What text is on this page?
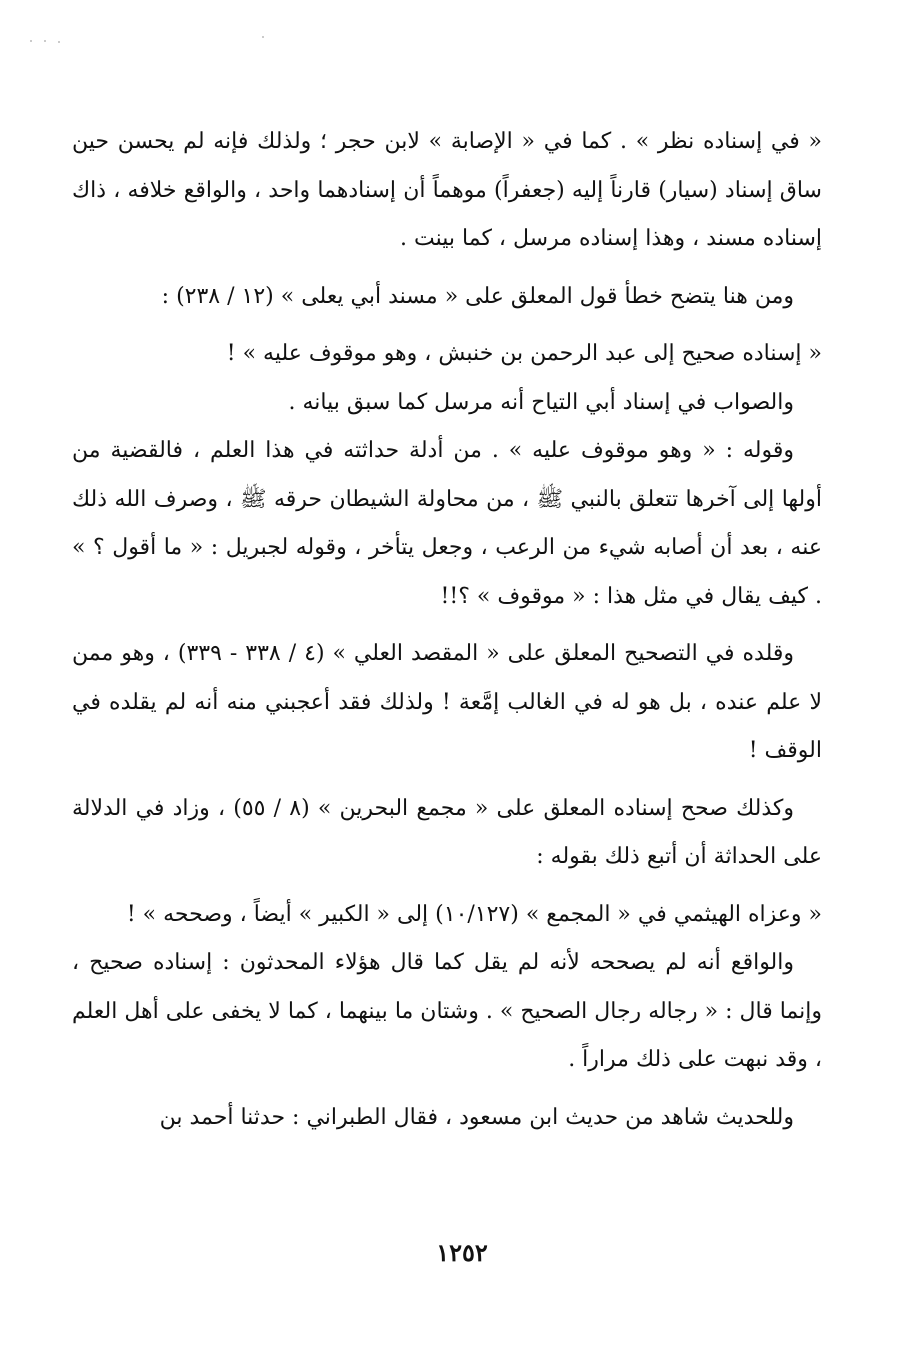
« في إسناده نظر » . كما في « الإصابة » لابن حجر ؛ ولذلك فإنه لم يحسن حين ساق إسناد (سيار) قارناً إليه (جعفراً) موهماً أن إسنادهما واحد ، والواقع خلافه ، ذاك إسناده مسند ، وهذا إسناده مرسل ، كما بينت .

ومن هنا يتضح خطأ قول المعلق على « مسند أبي يعلى » (١٢ / ٢٣٨) :

« إسناده صحيح إلى عبد الرحمن بن خنبش ، وهو موقوف عليه » !

والصواب في إسناد أبي التياح أنه مرسل كما سبق بيانه .

وقوله : « وهو موقوف عليه » . من أدلة حداثته في هذا العلم ، فالقضية من أولها إلى آخرها تتعلق بالنبي ﷺ ، من محاولة الشيطان حرقه ﷺ ، وصرف الله ذلك عنه ، بعد أن أصابه شيء من الرعب ، وجعل يتأخر ، وقوله لجبريل : « ما أقول ؟ » . كيف يقال في مثل هذا : « موقوف » ؟!!

وقلده في التصحيح المعلق على « المقصد العلي » (٤ / ٣٣٨ - ٣٣٩) ، وهو ممن لا علم عنده ، بل هو له في الغالب إمَّعة ! ولذلك فقد أعجبني منه أنه لم يقلده في الوقف !

وكذلك صحح إسناده المعلق على « مجمع البحرين » (٨ / ٥٥) ، وزاد في الدلالة على الحداثة أن أتبع ذلك بقوله :

« وعزاه الهيثمي في « المجمع » (١٠/١٢٧) إلى « الكبير » أيضاً ، وصححه » !

والواقع أنه لم يصححه لأنه لم يقل كما قال هؤلاء المحدثون : إسناده صحيح ، وإنما قال : « رجاله رجال الصحيح » . وشتان ما بينهما ، كما لا يخفى على أهل العلم ، وقد نبهت على ذلك مراراً .

وللحديث شاهد من حديث ابن مسعود ، فقال الطبراني : حدثنا أحمد بن

١٢٥٢
